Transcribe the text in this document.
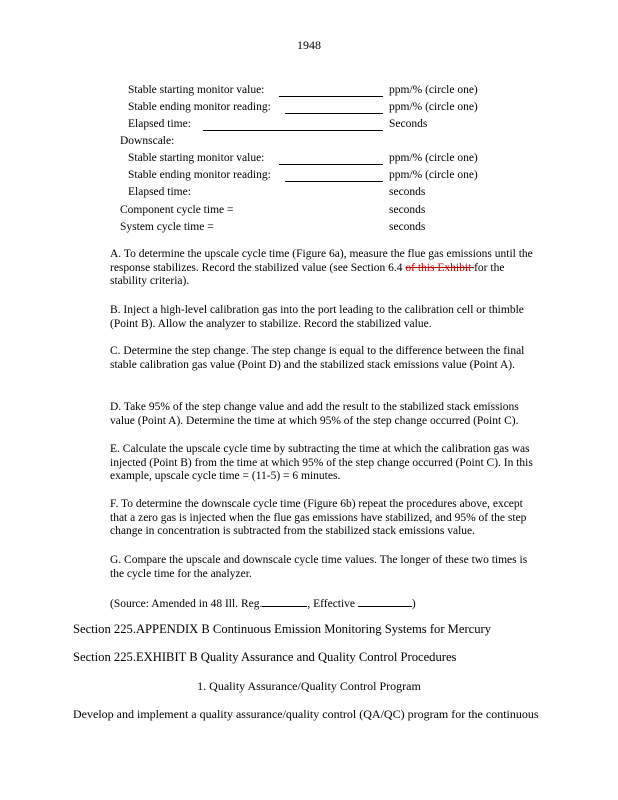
1948
Stable starting monitor value:	ppm/% (circle one)
Stable ending monitor reading:	ppm/% (circle one)
Elapsed time:	Seconds
Downscale:
Stable starting monitor value:	ppm/% (circle one)
Stable ending monitor reading:	ppm/% (circle one)
Elapsed time:	seconds
Component cycle time =	seconds
System cycle time =	seconds
A. To determine the upscale cycle time (Figure 6a), measure the flue gas emissions until the response stabilizes. Record the stabilized value (see Section 6.4 of this Exhibit for the stability criteria).
B. Inject a high-level calibration gas into the port leading to the calibration cell or thimble (Point B). Allow the analyzer to stabilize. Record the stabilized value.
C. Determine the step change. The step change is equal to the difference between the final stable calibration gas value (Point D) and the stabilized stack emissions value (Point A).
D. Take 95% of the step change value and add the result to the stabilized stack emissions value (Point A). Determine the time at which 95% of the step change occurred (Point C).
E. Calculate the upscale cycle time by subtracting the time at which the calibration gas was injected (Point B) from the time at which 95% of the step change occurred (Point C). In this example, upscale cycle time = (11-5) = 6 minutes.
F. To determine the downscale cycle time (Figure 6b) repeat the procedures above, except that a zero gas is injected when the flue gas emissions have stabilized, and 95% of the step change in concentration is subtracted from the stabilized stack emissions value.
G. Compare the upscale and downscale cycle time values. The longer of these two times is the cycle time for the analyzer.
(Source: Amended in 48 Ill. Reg.	, Effective	)
Section 225.APPENDIX B Continuous Emission Monitoring Systems for Mercury
Section 225.EXHIBIT B Quality Assurance and Quality Control Procedures
1. Quality Assurance/Quality Control Program
Develop and implement a quality assurance/quality control (QA/QC) program for the continuous
